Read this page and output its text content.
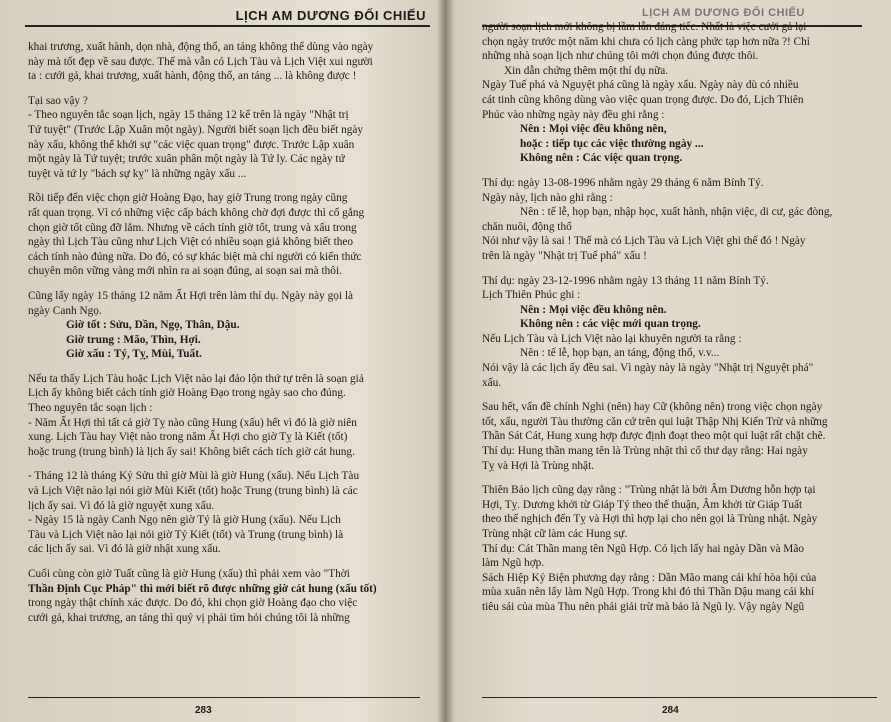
LỊCH AM DƯƠNG ĐỐI CHIẾU

khai trương, xuất hành, dọn nhà, động thổ, an táng không thể dùng vào ngày

này mà tốt đẹp về sau được. Thế mà vẫn có Lịch Tàu và Lịch Việt xui người

ta : cưới gả, khai trương, xuất hành, động thổ, an táng ... là không được !

Tại sao vậy ?

- Theo nguyên tắc soạn lịch, ngày 15 tháng 12 kể trên là ngày "Nhật trị

Tứ tuyệt" (Trước Lập Xuân một ngày). Người biết soạn lịch đều biết ngày

này xấu, không thể khởi sự "các việc quan trọng" được. Trước Lập xuân

một ngày là Tứ tuyệt; trước xuân phân một ngày là Tứ ly. Các ngày tứ

tuyệt và tứ ly "bách sự kỵ" là những ngày xấu ...

Rồi tiếp đến việc chọn giờ Hoàng Đạo, hay giờ Trung trong ngày cũng

rất quan trọng. Vì có những việc cấp bách không chờ đợi được thì cố gắng

chọn giờ tốt cũng đỡ lắm. Nhưng về cách tính giờ tốt, trung và xấu trong

ngày thì Lịch Tàu cũng như Lịch Việt có nhiều soạn giả không biết theo

cách tính nào đúng nữa. Do đó, có sự khác biệt mà chỉ người có kiến thức

chuyên môn vững vàng mới nhìn ra ai soạn đúng, ai soạn sai mà thôi.

Cũng lấy ngày 15 tháng 12 năm Ất Hợi trên làm thí dụ. Ngày này gọi là

ngày Canh Ngọ.

Giờ tốt : Sửu, Dần, Ngọ, Thân, Dậu.

Giờ trung : Mão, Thìn, Hợi.

Giờ xấu : Tý, Tỵ, Mùi, Tuất.

Nếu ta thấy Lịch Tàu hoặc Lịch Việt nào lại đảo lộn thứ tự trên là soạn giả

Lịch ấy không biết cách tính giờ Hoàng Đạo trong ngày sao cho đúng.

Theo nguyên tắc soạn lịch :

- Năm Ất Hợi thì tất cả giờ Tỵ nào cũng Hung (xấu) hết vì đó là giờ niên

xung. Lịch Tàu hay Việt nào trong năm Ất Hợi cho giờ Tỵ là Kiết (tốt)

hoặc trung (trung bình) là lịch ấy sai! Không biết cách tích giờ cát hung.

- Tháng 12 là tháng Kỷ Sửu thì giờ Mùi là giờ Hung (xấu). Nếu Lịch Tàu

và Lịch Việt nào lại nói giờ Mùi Kiết (tốt) hoặc Trung (trung bình) là các

lịch ấy sai. Vì đó là giờ nguyệt xung xấu.

- Ngày 15 là ngày Canh Ngọ nên giờ Tý là giờ Hung (xấu). Nếu Lịch

Tàu và Lịch Việt nào lại nói giờ Tý Kiết (tốt) và Trung (trung bình) là

các lịch ấy sai. Vì đó là giờ nhật xung xấu.

Cuối cùng còn giờ Tuất cũng là giờ Hung (xấu) thì phải xem vào "Thời

Thần Định Cục Pháp" thì mới biết rõ được những giờ cát hung (xấu tốt)

trong ngày thật chính xác được. Do đó, khi chọn giờ Hoàng đạo cho việc

cưới gả, khai trương, an táng thì quý vị phải tìm hỏi chúng tôi là những

283
LỊCH AM DƯƠNG ĐỐI CHIẾU

người soạn lịch mới không bị lầm lẫn đáng tiếc. Nhất là việc cưới gả lại

chọn ngày trước một năm khi chưa có lịch càng phức tạp hơn nữa ?! Chỉ

những nhà soạn lịch như chúng tôi mới chọn đúng được thôi.

Xin dẫn chứng thêm một thí dụ nữa.

Ngày Tuế phá và Nguyệt phá cũng là ngày xấu. Ngày này dù có nhiều

cát tinh cũng không dùng vào việc quan trọng được. Do đó, Lịch Thiên

Phúc vào những ngày này đều ghi rằng :

Nên : Mọi việc đều không nên,

hoặc : tiếp tục các việc thường ngày ...

Không nên : Các việc quan trọng.

Thí dụ: ngày 13-08-1996 nhằm ngày 29 tháng 6 năm Bính Tý.

Ngày này, lịch nào ghi rằng :

Nên : tế lễ, họp bạn, nhập học, xuất hành, nhận việc, di cư, gác đòng,

chăn nuôi, động thổ

Nói như vậy là sai ! Thế mà có Lịch Tàu và Lịch Việt ghi thế đó ! Ngày

trên là ngày "Nhật trị Tuế phá" xấu !

Thí dụ: ngày 23-12-1996 nhằm ngày 13 tháng 11 năm Bính Tý.

Lịch Thiên Phúc ghi :

Nên : Mọi việc đều không nên.

Không nên : các việc mới quan trọng.

Nếu Lịch Tàu và Lịch Việt nào lại khuyên người ta rằng :

Nên : tế lễ, họp bạn, an táng, động thổ, v.v...

Nói vậy là các lịch ấy đều sai. Vì ngày này là ngày "Nhật trị Nguyệt phá"

xấu.

Sau hết, vấn đề chính Nghi (nên) hay Cữ (không nên) trong việc chọn ngày

tốt, xấu, người Tàu thường căn cứ trên qui luật Thập Nhị Kiến Trừ và những

Thần Sát Cát, Hung xung hợp được định đoạt theo một qui luật rất chặt chẽ.

Thí dụ: Hung thần mang tên là Trùng nhật thì cổ thư dạy rằng: Hai ngày

Tỵ và Hợi là Trùng nhật.

Thiên Bảo lịch cũng dạy rằng : "Trùng nhật là bởi Âm Dương hỗn hợp tại

Hợi, Tỵ. Dương khởi từ Giáp Tý theo thế thuận, Âm khởi từ Giáp Tuất

theo thế nghịch đến Tỵ và Hợi thì hợp lại cho nên gọi là Trùng nhật. Ngày

Trùng nhật cữ làm các Hung sự.

Thí dụ: Cát Thần mang tên Ngũ Hợp. Có lịch lấy hai ngày Dần và Mão

làm Ngũ hợp.

Sách Hiệp Kỷ Biện phương dạy rằng : Dần Mão mang cái khí hòa hội của

mùa xuân nên lấy làm Ngũ Hợp. Trong khi đó thì Thần Dậu mang cái khí

tiêu sái của mùa Thu nên phải giải trừ mà bảo là Ngũ ly. Vậy ngày Ngũ

284
